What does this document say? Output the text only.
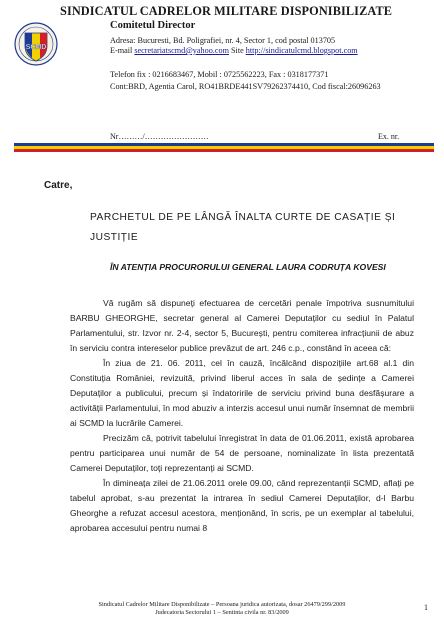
SCMD
SINDICATUL CADRELOR MILITARE DISPONIBILIZATE
Comitetul Director
Adresa: Bucuresti, Bd. Poligrafiei, nr. 4, Sector 1, cod postal 013705
E-mail secretariatscmd@yahoo.com Site http://sindicatulcmd.blogspot.com
Telefon fix : 0216683467, Mobil : 0725562223, Fax : 0318177371
Cont:BRD, Agentia Carol, RO41BRDE441SV79262374410, Cod fiscal:26096263
Nr………/……………………	Ex. nr.
Catre,
PARCHETUL DE PE LÂNGĂ ÎNALTA CURTE DE CASAȚIE ȘI
JUSTIȚIE
ÎN ATENȚIA PROCURORULUI GENERAL LAURA CODRUȚA KOVESI

Vă rugăm să dispuneți efectuarea de cercetări penale împotriva susnumitului BARBU GHEORGHE, secretar general al Camerei Deputaților cu sediul în Palatul Parlamentului, str. Izvor nr. 2-4, sector 5, București, pentru comiterea infracțiunii de abuz în serviciu contra intereselor publice prevăzut de art. 246 c.p., constând în aceea că:

În ziua de 21. 06. 2011, cel în cauză, încălcând dispozițiile art.68 al.1 din Constituția României, revizuită, privind liberul acces în sala de ședințe a Camerei Deputaților a publicului, precum și îndatoririle de serviciu privind buna desfășurare a activității Parlamentului, în mod abuziv a interzis accesul unui număr însemnat de membrii ai SCMD la lucrările Camerei.

Precizăm că, potrivit tabelului înregistrat în data de 01.06.2011, există aprobarea pentru participarea unui număr de 54 de persoane, nominalizate în lista prezentată Camerei Deputaților, toți reprezentanți ai SCMD.

În dimineața zilei de 21.06.2011 orele 09.00, când reprezentanții SCMD, aflați pe tabelul aprobat, s-au prezentat la intrarea în sediul Camerei Deputaților, d-l Barbu Gheorghe a refuzat accesul acestora, menționând, în scris, pe un exemplar al tabelului, aprobarea accesului pentru numai 8

Sindicatul Cadrelor Militare Disponibilizate – Persoana juridica autorizata, dosar 26479/299/2009
Judecatoria Sectorului 1 – Sentinta civila nr. 83/2009
1
